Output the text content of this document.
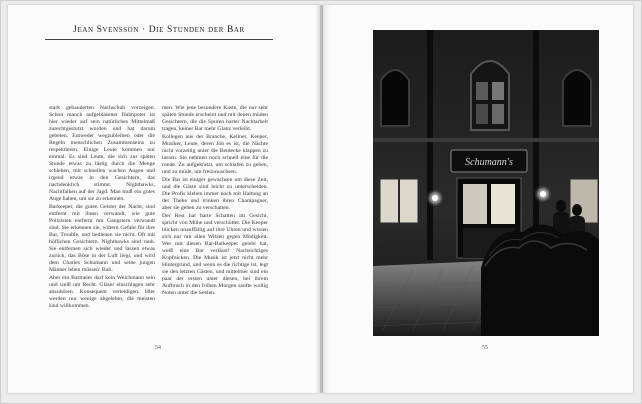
Jean Svensson · Die Stunden der Bar

stark gebauderten Nachschub vorzeigen. Schon manch aufgeblasener Hahnpoter ist hier wieder auf sein natürliches Mittelmaß zurechtgestutzt worden und hat darum gebeten. Entweder wegzubleiben oder die Regeln menschlichen Zusammenseins zu respektieren. Einige Leute kommen nur einmal. Es sind Leute, die sich zur späten Stunde etwas zu lästig durch die Menge schieben, mit schnellen wachen Augen und irgend etwas in den Gesichtern, das nachdenklich stimmt. Nighthawks, Nachtfalken auf der Jagd. Man muß ein gutes Auge haben, um sie zu erkennen.

Barkeeper, die guten Geister der Nacht, sind entfernt mit ihnen verwandt, wie gute Polizisten entfernt mit Gangstern verwandt sind. Sie erkennen sie, wittern Gefahr für ihre Bar, Trouble, und bedienen sie nicht. Oft mit höflichen Gesichtern. Nighthawks sind rauh. Sie entfernen sich wieder und lassen etwas zurück, das Böse in der Luft liegt, und wird dem Charles Schumann und seine jungen Männer leben müssen: Bali.

Aber ein Barmeier darf kein Weichmann sein und weiß um Recht. Gläser einschlagen sehr abzuhören. Konsequent verteidigen. Hier werden nur wenige abgelehnt, die meisten sind willkommen.

men. Wie jene besondere Kaste, die nur sehr späten Stunde erscheint und mit denen müden Gesichtern, die die Spuren harter Nachtarbeit tragen, keiner Bar mehr Glanz verleiht.

Kollegen aus der Branche, Kellner, Keeper, Musiker, Leute, deren Job es ist, die Nächte nicht vorzeitig unter die Betdecke klappen zu lassen. Sie nehmen noch schnell eine für die runde. Zu aufgekratzt, um schlafen zu gehen, und zu müde, um freizuwachsen.

Die Bar ist einiger gewachsen um diese Zeit, und die Gäste sind leicht zu unterscheiden. Die Profis kleben immer noch mit Haltung an der Theke und trinken ihren Champagner, aber sie gehen zu verschatten.

Der Rest hat harte Schatten im Gesicht, spricht von Mühe und verschüttet. Die Keeper blicken unauffällig auf ihre Uhren und wissen sich nur mit allen Witzen gegen Müdigkeit. Wer mit diesen Bar-Barkeeper gelebt hat, weiß eine Bar verlässt! Nachsichtiges Kopfnicken. Die Musik ist jetzt nicht mehr Hintergrund, und wenn es die richtige ist, legt sie den letzten Gästen, und mittelmer sind ein paar der ersten unter diesen, bei ihrem Aufbruch in den frühen Morgen sanfte wollig Noten unter die Seelen.

54	55
Schumann's
